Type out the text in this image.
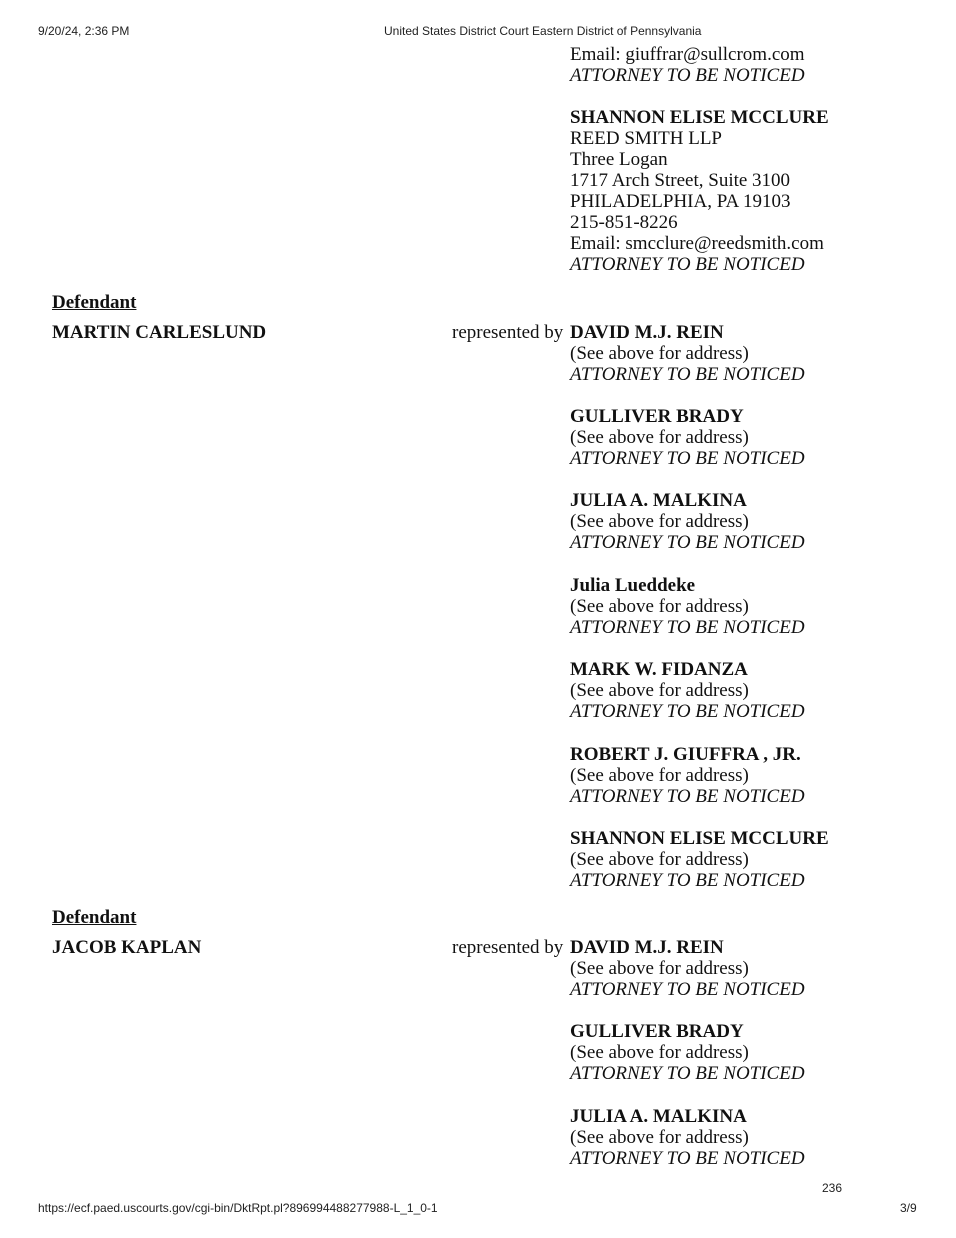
9/20/24, 2:36 PM	United States District Court Eastern District of Pennsylvania
Email: giuffrar@sullcrom.com
ATTORNEY TO BE NOTICED
SHANNON ELISE MCCLURE
REED SMITH LLP
Three Logan
1717 Arch Street, Suite 3100
PHILADELPHIA, PA 19103
215-851-8226
Email: smcclure@reedsmith.com
ATTORNEY TO BE NOTICED
Defendant
MARTIN CARLESLUND	represented by DAVID M.J. REIN
(See above for address)
ATTORNEY TO BE NOTICED
GULLIVER BRADY
(See above for address)
ATTORNEY TO BE NOTICED
JULIA A. MALKINA
(See above for address)
ATTORNEY TO BE NOTICED
Julia Lueddeke
(See above for address)
ATTORNEY TO BE NOTICED
MARK W. FIDANZA
(See above for address)
ATTORNEY TO BE NOTICED
ROBERT J. GIUFFRA , JR.
(See above for address)
ATTORNEY TO BE NOTICED
SHANNON ELISE MCCLURE
(See above for address)
ATTORNEY TO BE NOTICED
Defendant
JACOB KAPLAN	represented by DAVID M.J. REIN
(See above for address)
ATTORNEY TO BE NOTICED
GULLIVER BRADY
(See above for address)
ATTORNEY TO BE NOTICED
JULIA A. MALKINA
(See above for address)
ATTORNEY TO BE NOTICED
236
https://ecf.paed.uscourts.gov/cgi-bin/DktRpt.pl?896994488277988-L_1_0-1	3/9
